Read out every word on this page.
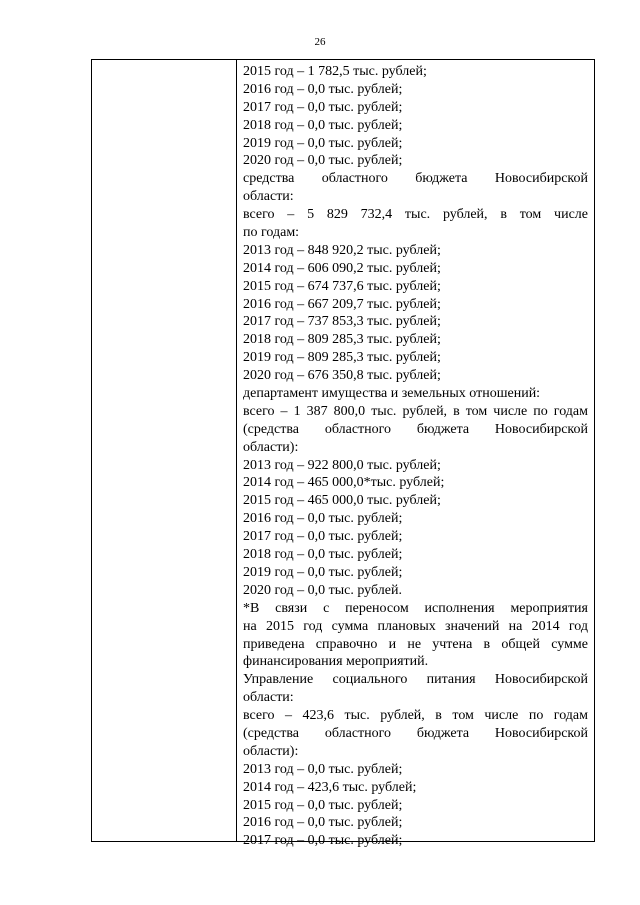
26
2015 год – 1 782,5 тыс. рублей;
2016 год – 0,0 тыс. рублей;
2017 год – 0,0 тыс. рублей;
2018 год – 0,0 тыс. рублей;
2019 год – 0,0 тыс. рублей;
2020 год – 0,0 тыс. рублей;
средства областного бюджета Новосибирской
области:
всего – 5 829 732,4 тыс. рублей, в том числе
по годам:
2013 год – 848 920,2 тыс. рублей;
2014 год – 606 090,2 тыс. рублей;
2015 год – 674 737,6 тыс. рублей;
2016 год – 667 209,7 тыс. рублей;
2017 год – 737 853,3 тыс. рублей;
2018 год – 809 285,3 тыс. рублей;
2019 год – 809 285,3 тыс. рублей;
2020 год – 676 350,8 тыс. рублей;
департамент имущества и земельных отношений:
всего – 1 387 800,0 тыс. рублей, в том числе по годам
(средства областного бюджета Новосибирской
области):
2013 год – 922 800,0 тыс. рублей;
2014 год – 465 000,0*тыс. рублей;
2015 год – 465 000,0 тыс. рублей;
2016 год – 0,0 тыс. рублей;
2017 год – 0,0 тыс. рублей;
2018 год – 0,0 тыс. рублей;
2019 год – 0,0 тыс. рублей;
2020 год – 0,0 тыс. рублей.
*В связи с переносом исполнения мероприятия
на 2015 год сумма плановых значений на 2014 год
приведена справочно и не учтена в общей сумме
финансирования мероприятий.
Управление социального питания Новосибирской
области:
всего – 423,6 тыс. рублей, в том числе по годам
(средства областного бюджета Новосибирской
области):
2013 год – 0,0 тыс. рублей;
2014 год – 423,6 тыс. рублей;
2015 год – 0,0 тыс. рублей;
2016 год – 0,0 тыс. рублей;
2017 год – 0,0 тыс. рублей;
